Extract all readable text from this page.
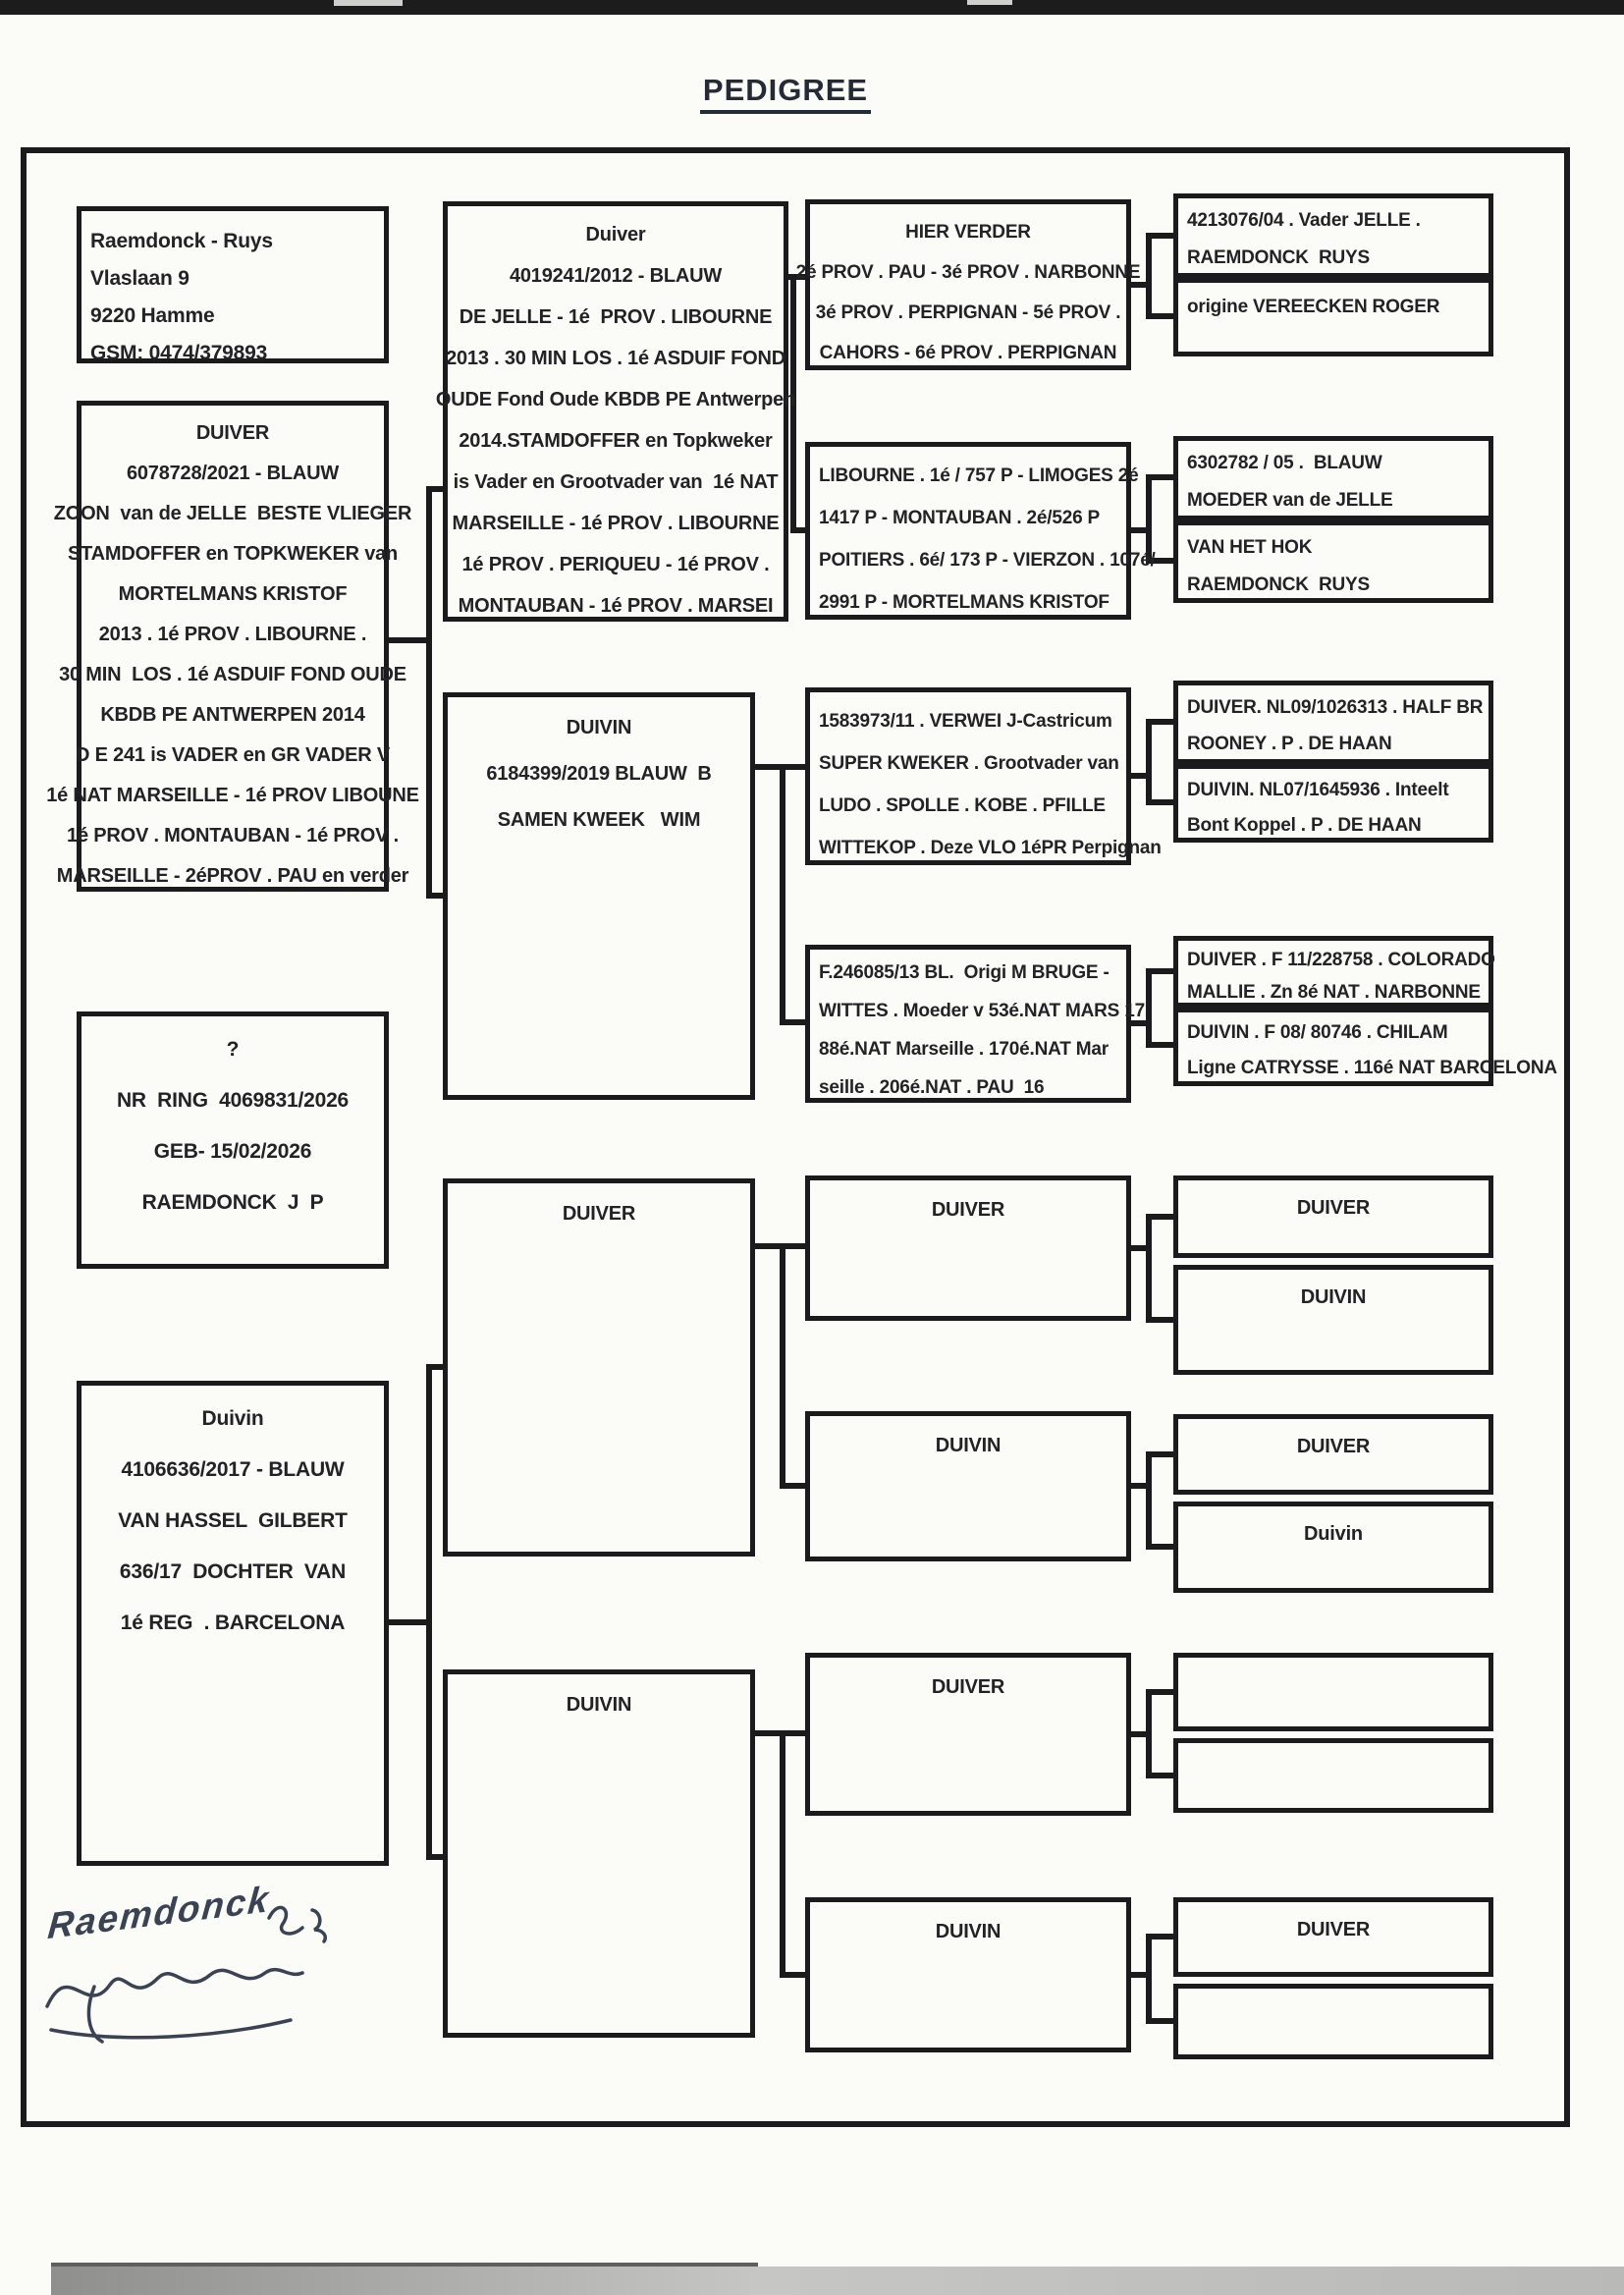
PEDIGREE
Raemdonck - Ruys
Vlaslaan 9
9220 Hamme
GSM: 0474/379893
DUIVER
6078728/2021 - BLAUW
ZOON  van de JELLE  BESTE VLIEGER
STAMDOFFER en TOPKWEKER van
MORTELMANS KRISTOF
2013 . 1é PROV . LIBOURNE .
30 MIN  LOS . 1é ASDUIF FOND OUDE
KBDB PE ANTWERPEN 2014
D E 241 is VADER en GR VADER V
1é NAT MARSEILLE - 1é PROV LIBOUNE
1é PROV . MONTAUBAN - 1é PROV .
MARSEILLE - 2éPROV . PAU en verder
?
NR  RING  4069831/2026
GEB- 15/02/2026
RAEMDONCK  J  P
Duivin
4106636/2017 - BLAUW
VAN HASSEL  GILBERT
636/17  DOCHTER  VAN
1é REG  . BARCELONA
Duiver
4019241/2012 - BLAUW
DE JELLE - 1é  PROV . LIBOURNE
2013 . 30 MIN LOS . 1é ASDUIF FOND
OUDE Fond Oude KBDB PE Antwerpen
2014.STAMDOFFER en Topkweker
is Vader en Grootvader van  1é NAT
MARSEILLE - 1é PROV . LIBOURNE
1é PROV . PERIQUEU - 1é PROV .
MONTAUBAN - 1é PROV . MARSEI
DUIVIN
6184399/2019 BLAUW  B
SAMEN KWEEK   WIM
DUIVER
DUIVIN
HIER VERDER
2é PROV . PAU - 3é PROV . NARBONNE
3é PROV . PERPIGNAN - 5é PROV .
CAHORS - 6é PROV . PERPIGNAN
LIBOURNE . 1é / 757 P - LIMOGES 2é
1417 P - MONTAUBAN . 2é/526 P
POITIERS . 6é/ 173 P - VIERZON . 107é/
2991 P - MORTELMANS KRISTOF
1583973/11 . VERWEI J-Castricum
SUPER KWEKER . Grootvader van
LUDO . SPOLLE . KOBE . PFILLE
WITTEKOP . Deze VLO 1éPR Perpignan
F.246085/13 BL.  Origi M BRUGE -
WITTES . Moeder v 53é.NAT MARS 17
88é.NAT Marseille . 170é.NAT Mar
seille . 206é.NAT . PAU  16
DUIVER
DUIVIN
DUIVER
DUIVIN
4213076/04 . Vader JELLE .
RAEMDONCK  RUYS
origine VEREECKEN ROGER
6302782 / 05 .  BLAUW
MOEDER van de JELLE
VAN HET HOK
RAEMDONCK  RUYS
DUIVER. NL09/1026313 . HALF BR
ROONEY . P . DE HAAN
DUIVIN. NL07/1645936 . Inteelt
Bont Koppel . P . DE HAAN
DUIVER . F 11/228758 . COLORADO
MALLIE . Zn 8é NAT . NARBONNE
DUIVIN . F 08/ 80746 . CHILAM
Ligne CATRYSSE . 116é NAT BARCELONA
DUIVER
DUIVIN
DUIVER
Duivin
DUIVER
Raemdonck
